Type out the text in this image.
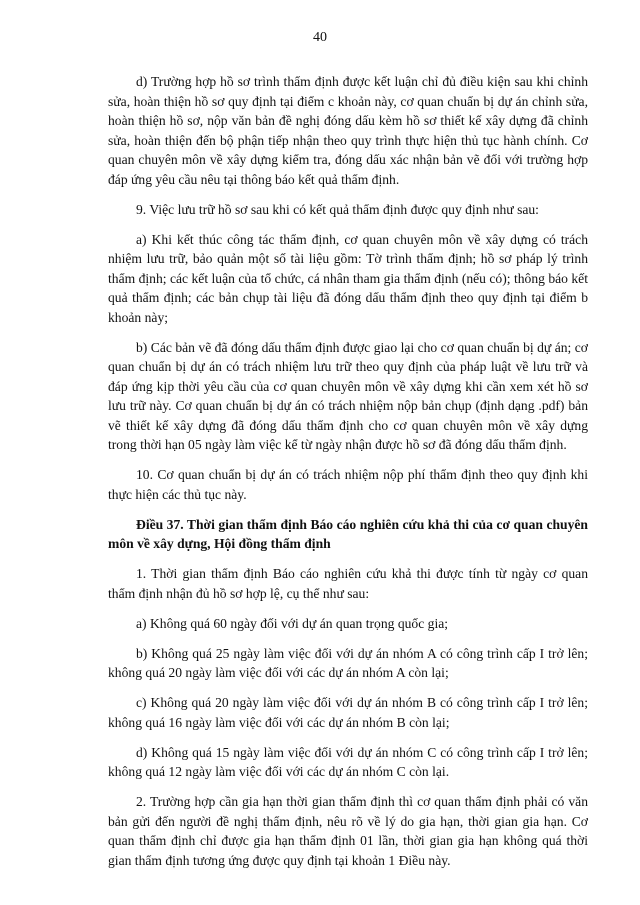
40

d) Trường hợp hồ sơ trình thẩm định được kết luận chỉ đủ điều kiện sau khi chỉnh sửa, hoàn thiện hồ sơ quy định tại điểm c khoản này, cơ quan chuẩn bị dự án chỉnh sửa, hoàn thiện hồ sơ, nộp văn bản đề nghị đóng dấu kèm hồ sơ thiết kế xây dựng đã chỉnh sửa, hoàn thiện đến bộ phận tiếp nhận theo quy trình thực hiện thủ tục hành chính. Cơ quan chuyên môn về xây dựng kiểm tra, đóng dấu xác nhận bản vẽ đối với trường hợp đáp ứng yêu cầu nêu tại thông báo kết quả thẩm định.

9. Việc lưu trữ hồ sơ sau khi có kết quả thẩm định được quy định như sau:

a) Khi kết thúc công tác thẩm định, cơ quan chuyên môn về xây dựng có trách nhiệm lưu trữ, bảo quản một số tài liệu gồm: Tờ trình thẩm định; hồ sơ pháp lý trình thẩm định; các kết luận của tổ chức, cá nhân tham gia thẩm định (nếu có); thông báo kết quả thẩm định; các bản chụp tài liệu đã đóng dấu thẩm định theo quy định tại điểm b khoản này;

b) Các bản vẽ đã đóng dấu thẩm định được giao lại cho cơ quan chuẩn bị dự án; cơ quan chuẩn bị dự án có trách nhiệm lưu trữ theo quy định của pháp luật về lưu trữ và đáp ứng kịp thời yêu cầu của cơ quan chuyên môn về xây dựng khi cần xem xét hồ sơ lưu trữ này. Cơ quan chuẩn bị dự án có trách nhiệm nộp bản chụp (định dạng .pdf) bản vẽ thiết kế xây dựng đã đóng dấu thẩm định cho cơ quan chuyên môn về xây dựng trong thời hạn 05 ngày làm việc kể từ ngày nhận được hồ sơ đã đóng dấu thẩm định.

10. Cơ quan chuẩn bị dự án có trách nhiệm nộp phí thẩm định theo quy định khi thực hiện các thủ tục này.

Điều 37. Thời gian thẩm định Báo cáo nghiên cứu khả thi của cơ quan chuyên môn về xây dựng, Hội đồng thẩm định

1. Thời gian thẩm định Báo cáo nghiên cứu khả thi được tính từ ngày cơ quan thẩm định nhận đủ hồ sơ hợp lệ, cụ thể như sau:

a) Không quá 60 ngày đối với dự án quan trọng quốc gia;

b) Không quá 25 ngày làm việc đối với dự án nhóm A có công trình cấp I trở lên; không quá 20 ngày làm việc đối với các dự án nhóm A còn lại;

c) Không quá 20 ngày làm việc đối với dự án nhóm B có công trình cấp I trở lên; không quá 16 ngày làm việc đối với các dự án nhóm B còn lại;

d) Không quá 15 ngày làm việc đối với dự án nhóm C có công trình cấp I trở lên; không quá 12 ngày làm việc đối với các dự án nhóm C còn lại.

2. Trường hợp cần gia hạn thời gian thẩm định thì cơ quan thẩm định phải có văn bản gửi đến người đề nghị thẩm định, nêu rõ về lý do gia hạn, thời gian gia hạn. Cơ quan thẩm định chỉ được gia hạn thẩm định 01 lần, thời gian gia hạn không quá thời gian thẩm định tương ứng được quy định tại khoản 1 Điều này.
